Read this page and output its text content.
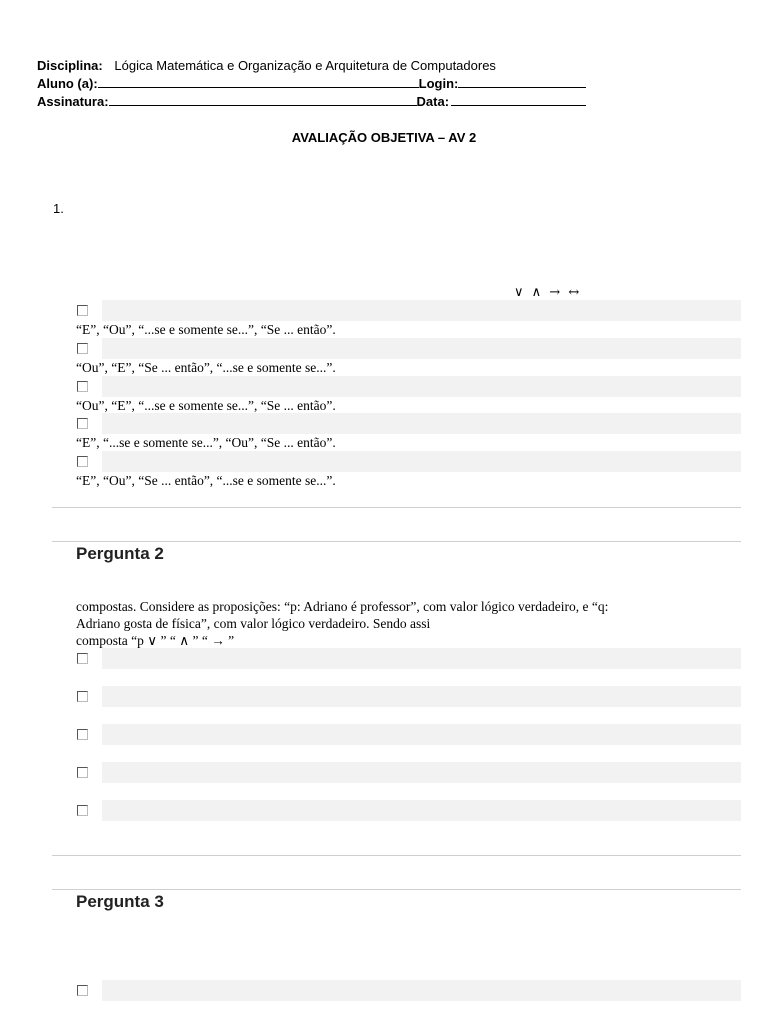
Disciplina: Lógica Matemática e Organização e Arquitetura de Computadores
Aluno (a):	Login:
Assinatura:	Data:
AVALIAÇÃO OBJETIVA – AV 2
1.
∨ ∧ → ↔
“E”, “Ou”, “...se e somente se...”, “Se ... então”.
“Ou”, “E”, “Se ... então”, “...se e somente se...”.
“Ou”, “E”, “...se e somente se...”, “Se ... então”.
“E”, “...se e somente se...”, “Ou”, “Se ... então”.
“E”, “Ou”, “Se ... então”, “...se e somente se...”.
Pergunta 2
compostas. Considere as proposições: “p: Adriano é professor”, com valor lógico verdadeiro, e “q:
Adriano gosta de física”, com valor lógico verdadeiro. Sendo assi
composta “p ∨ ” “ ∧ ” “ → ”
Pergunta 3
